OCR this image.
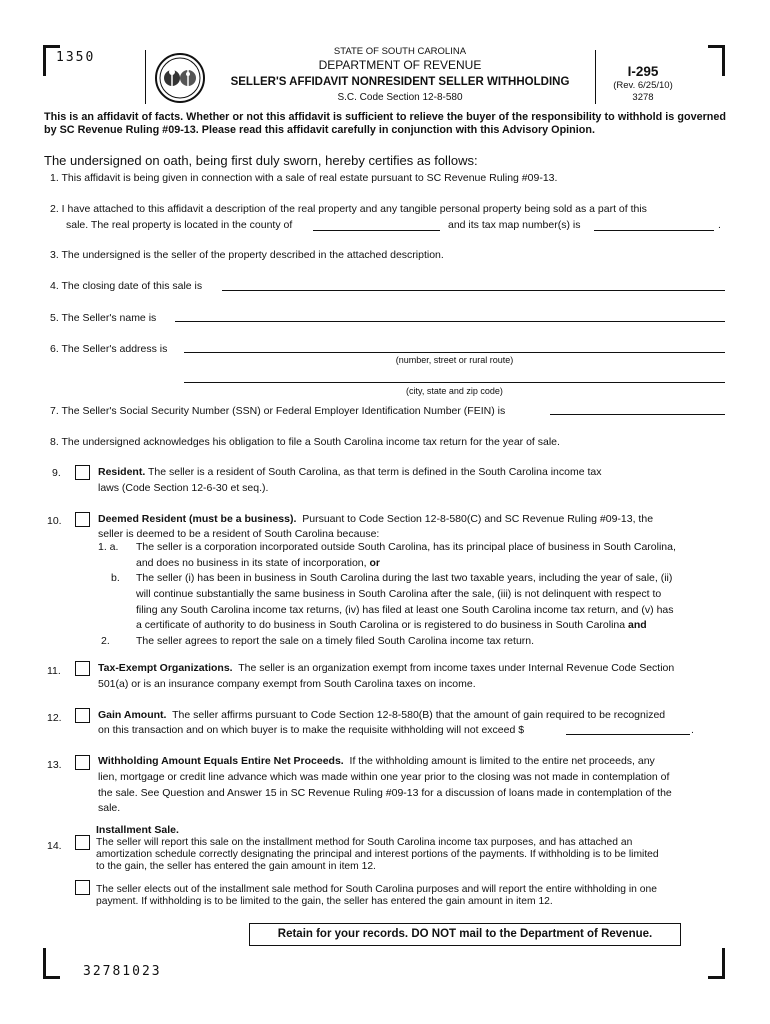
1350	STATE OF SOUTH CAROLINA
DEPARTMENT OF REVENUE
SELLER'S AFFIDAVIT NONRESIDENT SELLER WITHHOLDING
S.C. Code Section 12-8-580
I-295
(Rev. 6/25/10)
3278

This is an affidavit of facts. Whether or not this affidavit is sufficient to relieve the buyer of the responsibility to withhold is governed by SC Revenue Ruling #09-13. Please read this affidavit carefully in conjunction with this Advisory Opinion.

The undersigned on oath, being first duly sworn, hereby certifies as follows:

1. This affidavit is being given in connection with a sale of real estate pursuant to SC Revenue Ruling #09-13.

2. I have attached to this affidavit a description of the real property and any tangible personal property being sold as a part of this

sale. The real property is located in the county of	and its tax map number(s) is	.

3. The undersigned is the seller of the property described in the attached description.

4. The closing date of this sale is

5. The Seller's name is

6. The Seller's address is

(number, street or rural route)

(city, state and zip code)

7. The Seller's Social Security Number (SSN) or Federal Employer Identification Number (FEIN) is

8. The undersigned acknowledges his obligation to file a South Carolina income tax return for the year of sale.

9.	Resident. The seller is a resident of South Carolina, as that term is defined in the South Carolina income tax

laws (Code Section 12-6-30 et seq.).

10.	Deemed Resident (must be a business). Pursuant to Code Section 12-8-580(C) and SC Revenue Ruling #09-13, the

seller is deemed to be a resident of South Carolina because:

1. a. The seller is a corporation incorporated outside South Carolina, has its principal place of business in South Carolina,

and does no business in its state of incorporation, or

b. The seller (i) has been in business in South Carolina during the last two taxable years, including the year of sale, (ii)

will continue substantially the same business in South Carolina after the sale, (iii) is not delinquent with respect to

filing any South Carolina income tax returns, (iv) has filed at least one South Carolina income tax return, and (v) has

a certificate of authority to do business in South Carolina or is registered to do business in South Carolina and

2. The seller agrees to report the sale on a timely filed South Carolina income tax return.

11.	Tax-Exempt Organizations. The seller is an organization exempt from income taxes under Internal Revenue Code Section

501(a) or is an insurance company exempt from South Carolina taxes on income.

12.	Gain Amount. The seller affirms pursuant to Code Section 12-8-580(B) that the amount of gain required to be recognized

on this transaction and on which buyer is to make the requisite withholding will not exceed $	.

13.	Withholding Amount Equals Entire Net Proceeds. If the withholding amount is limited to the entire net proceeds, any

lien, mortgage or credit line advance which was made within one year prior to the closing was not made in contemplation of

the sale. See Question and Answer 15 in SC Revenue Ruling #09-13 for a discussion of loans made in contemplation of the

sale.

Installment Sale.

14.	The seller will report this sale on the installment method for South Carolina income tax purposes, and has attached an

amortization schedule correctly designating the principal and interest portions of the payments. If withholding is to be limited

to the gain, the seller has entered the gain amount in item 12.

The seller elects out of the installment sale method for South Carolina purposes and will report the entire withholding in one

payment. If withholding is to be limited to the gain, the seller has entered the gain amount in item 12.

Retain for your records. DO NOT mail to the Department of Revenue.
32781023
